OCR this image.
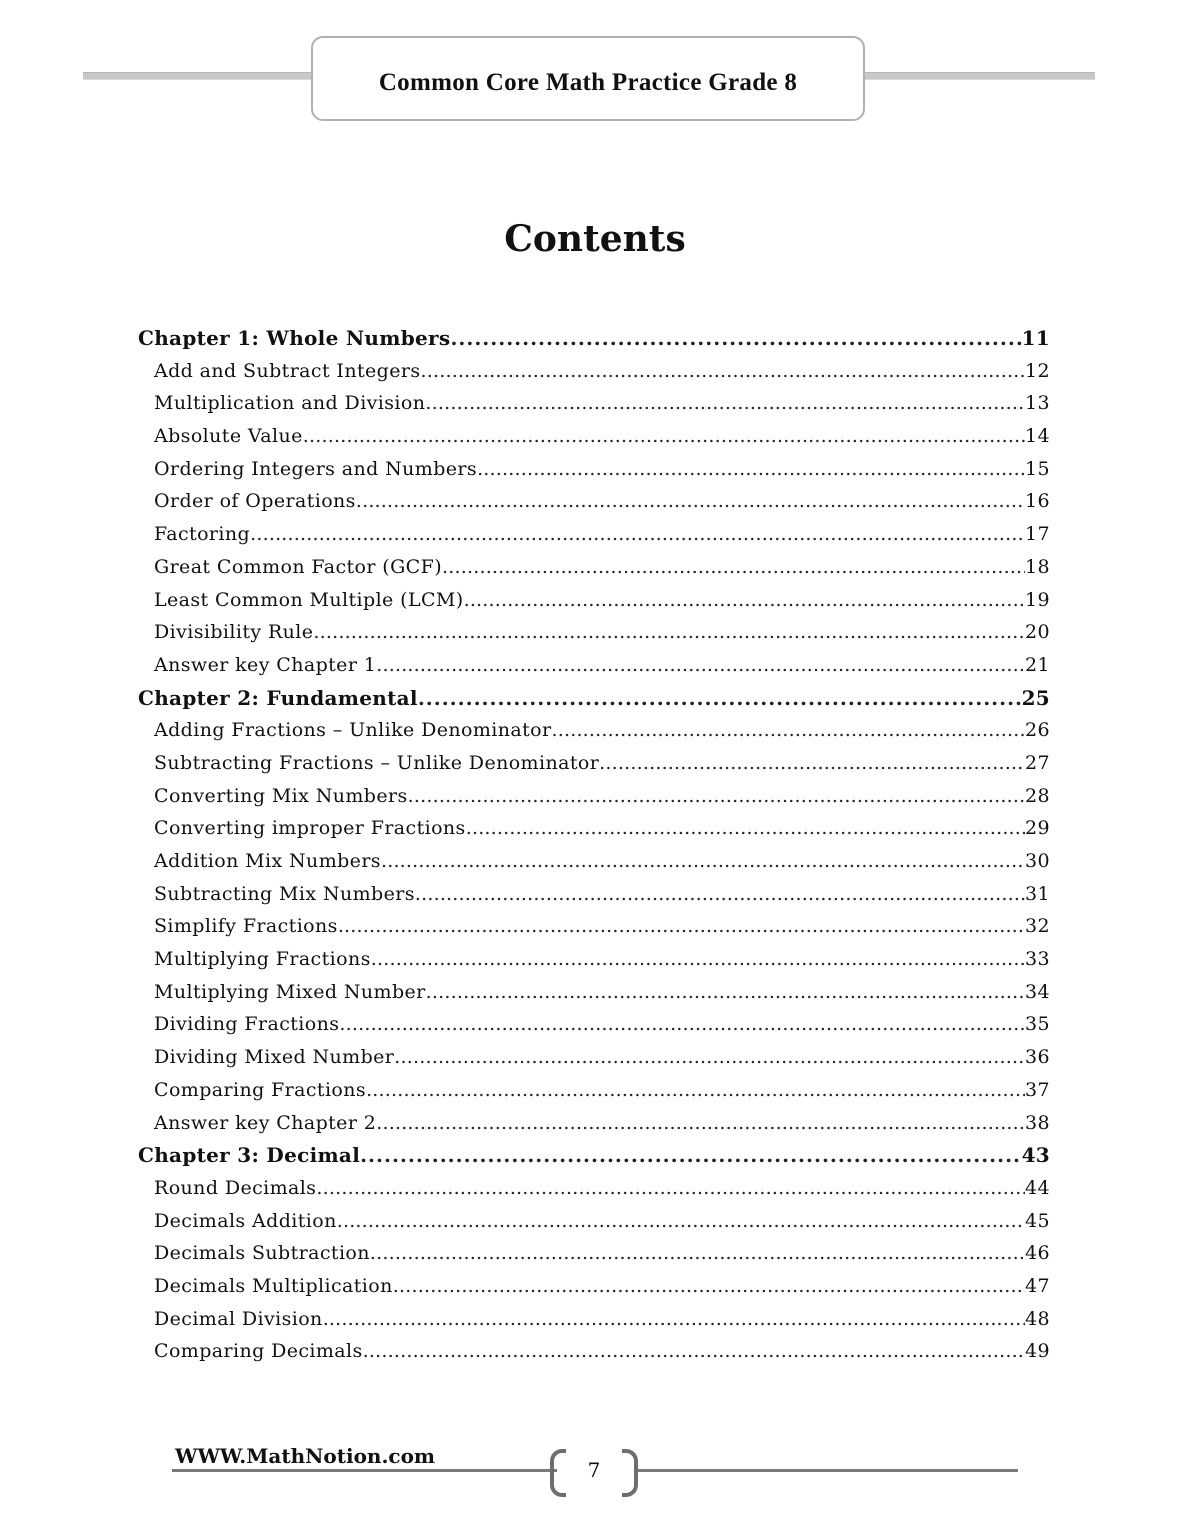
Common Core Math Practice Grade 8
Contents
Chapter 1: Whole Numbers .....	11
Add and Subtract Integers .....	12
Multiplication and Division .....	13
Absolute Value .....	14
Ordering Integers and Numbers .....	15
Order of Operations .....	16
Factoring .....	17
Great Common Factor (GCF) .....	18
Least Common Multiple (LCM) .....	19
Divisibility Rule .....	20
Answer key Chapter 1 .....	21
Chapter 2: Fundamental .....	25
Adding Fractions – Unlike Denominator .....	26
Subtracting Fractions – Unlike Denominator .....	27
Converting Mix Numbers .....	28
Converting improper Fractions .....	29
Addition Mix Numbers .....	30
Subtracting Mix Numbers .....	31
Simplify Fractions .....	32
Multiplying Fractions .....	33
Multiplying Mixed Number .....	34
Dividing Fractions .....	35
Dividing Mixed Number .....	36
Comparing Fractions .....	37
Answer key Chapter 2 .....	38
Chapter 3: Decimal .....	43
Round Decimals .....	44
Decimals Addition .....	45
Decimals Subtraction .....	46
Decimals Multiplication .....	47
Decimal Division .....	48
Comparing Decimals .....	49
WWW.MathNotion.com
7
